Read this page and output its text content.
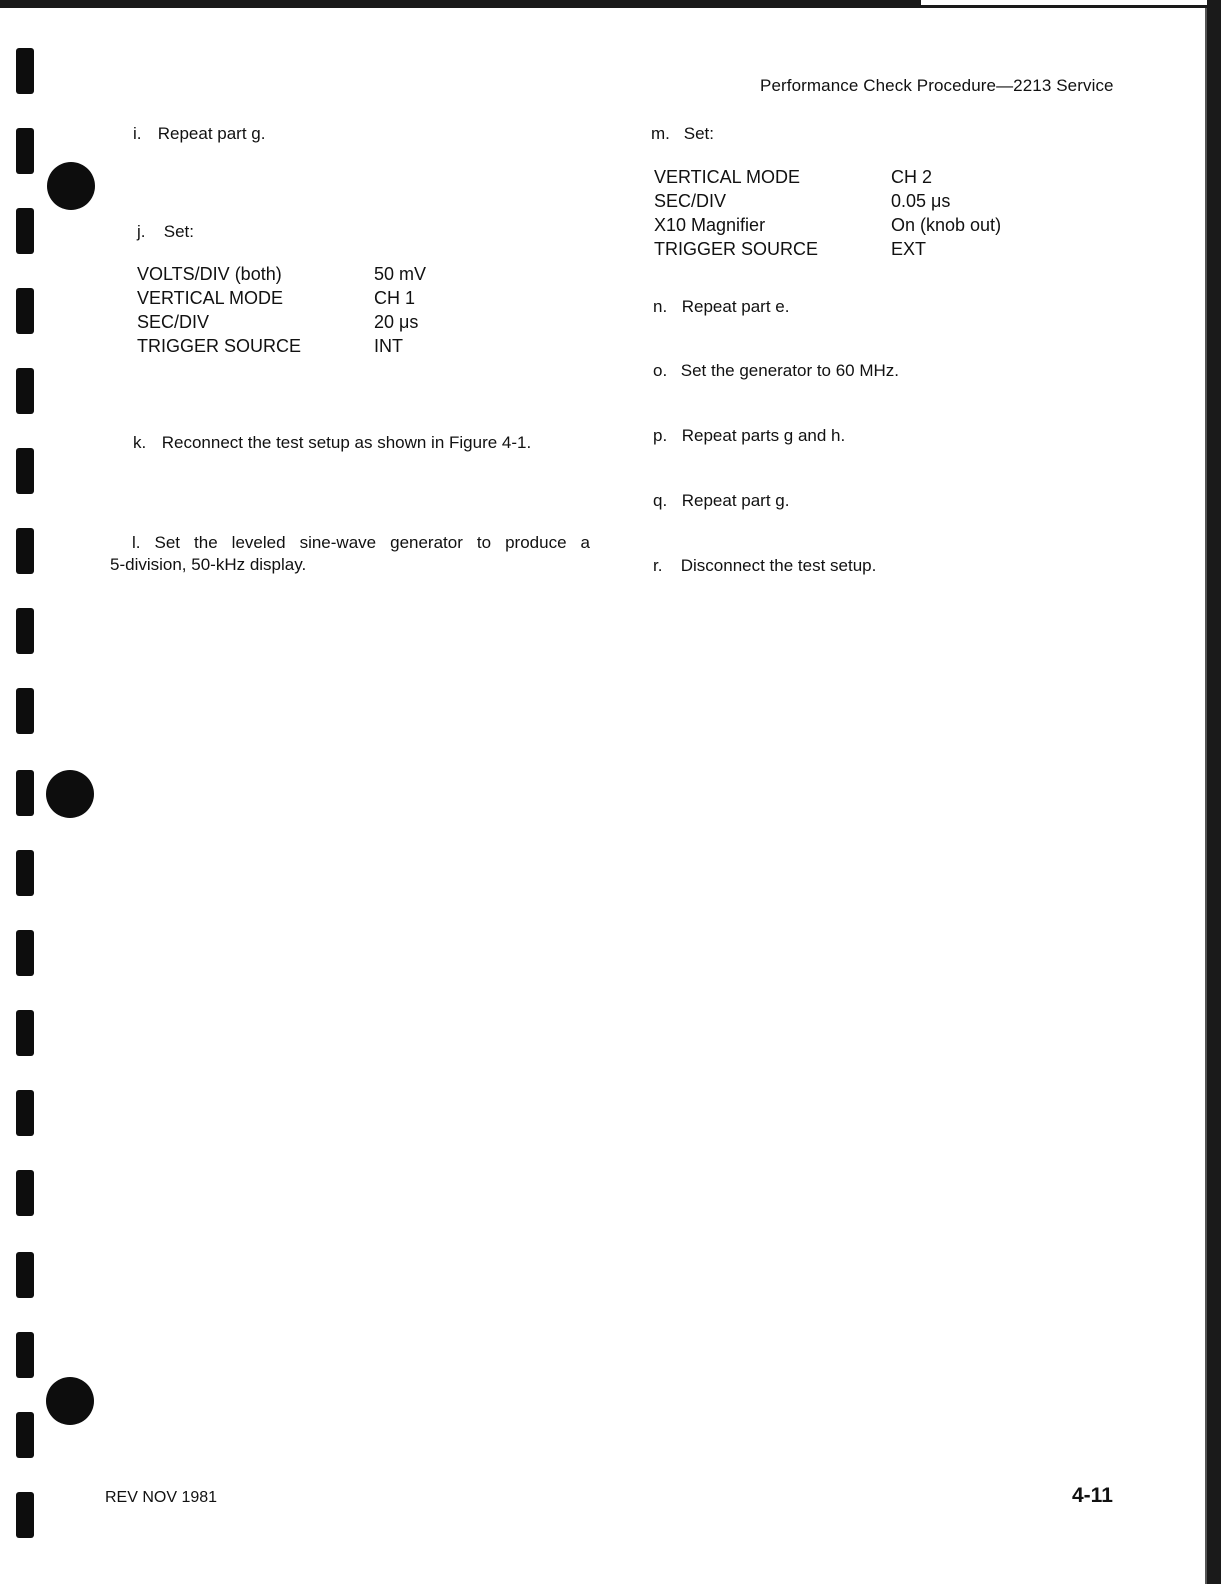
Performance Check Procedure—2213 Service
i. Repeat part g.
j. Set:
VOLTS/DIV (both)	50 mV
VERTICAL MODE	CH 1
SEC/DIV	20 μs
TRIGGER SOURCE	INT
k. Reconnect the test setup as shown in Figure 4-1.
l. Set the leveled sine-wave generator to produce a
5-division, 50-kHz display.
m. Set:
VERTICAL MODE	CH 2
SEC/DIV	0.05 μs
X10 Magnifier	On (knob out)
TRIGGER SOURCE	EXT
n. Repeat part e.
o. Set the generator to 60 MHz.
p. Repeat parts g and h.
q. Repeat part g.
r. Disconnect the test setup.
REV NOV 1981	4-11
